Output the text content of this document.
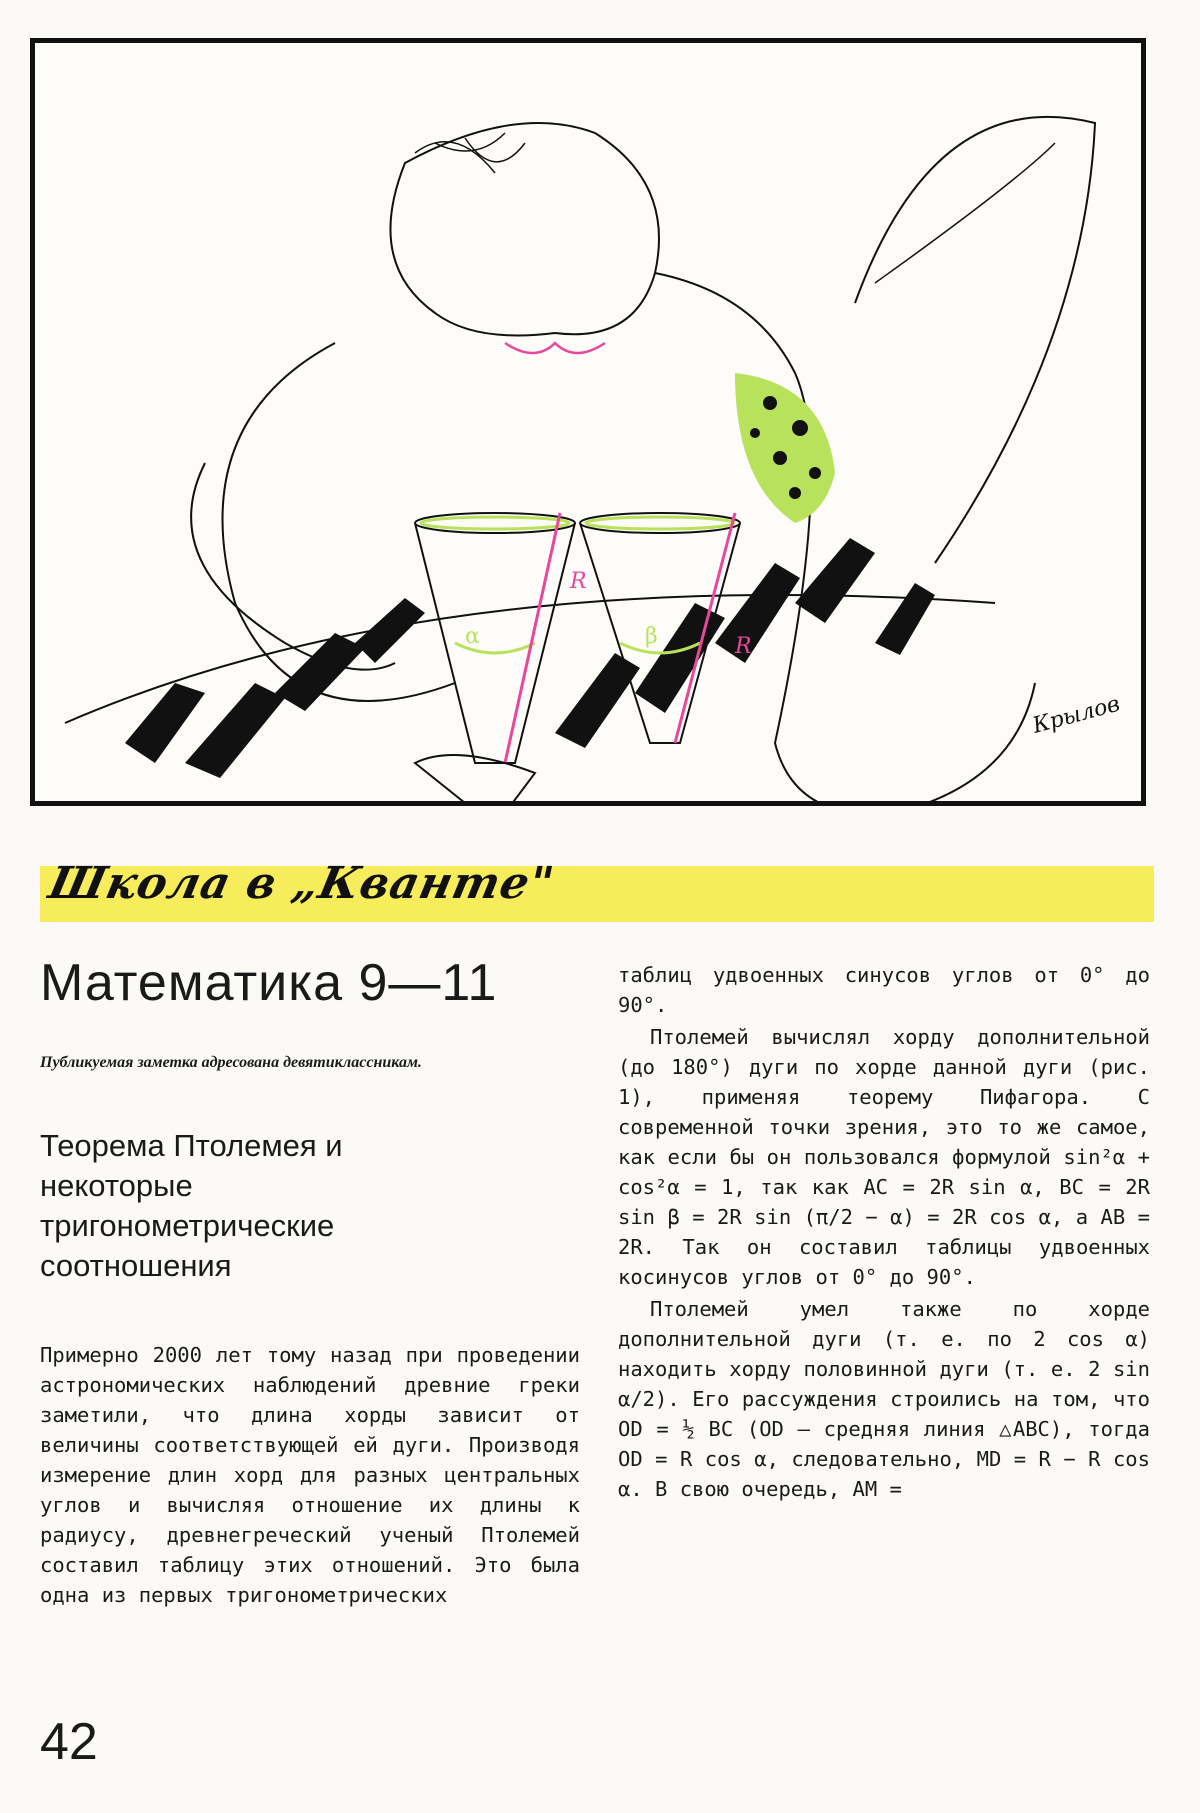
α	β
R
R
Крылов
Школа в „Кванте"
Математика 9—11

Публикуемая заметка адресована девятиклассникам.

Теорема Птолемея и некоторые тригонометрические соотношения

Примерно 2000 лет тому назад при проведении астрономических наблюдений древние греки заметили, что длина хорды зависит от величины соответствующей ей дуги. Производя измерение длин хорд для разных центральных углов и вычисляя отношение их длины к радиусу, древнегреческий ученый Птолемей составил таблицу этих отношений. Это была одна из первых тригонометрических

таблиц удвоенных синусов углов от 0° до 90°.

Птолемей вычислял хорду дополнительной (до 180°) дуги по хорде данной дуги (рис. 1), применяя теорему Пифагора. С современной точки зрения, это то же самое, как если бы он пользовался формулой sin²α + cos²α = 1, так как AC = 2R sin α, BC = 2R sin β = 2R sin (π/2 − α) = 2R cos α, а AB = 2R. Так он составил таблицы удвоенных косинусов углов от 0° до 90°.

Птолемей умел также по хорде дополнительной дуги (т. е. по 2 cos α) находить хорду половинной дуги (т. е. 2 sin α/2). Его рассуждения строились на том, что OD = ½ BC (OD — средняя линия △ABC), тогда OD = R cos α, следовательно, MD = R − R cos α. В свою очередь, AM =

42
